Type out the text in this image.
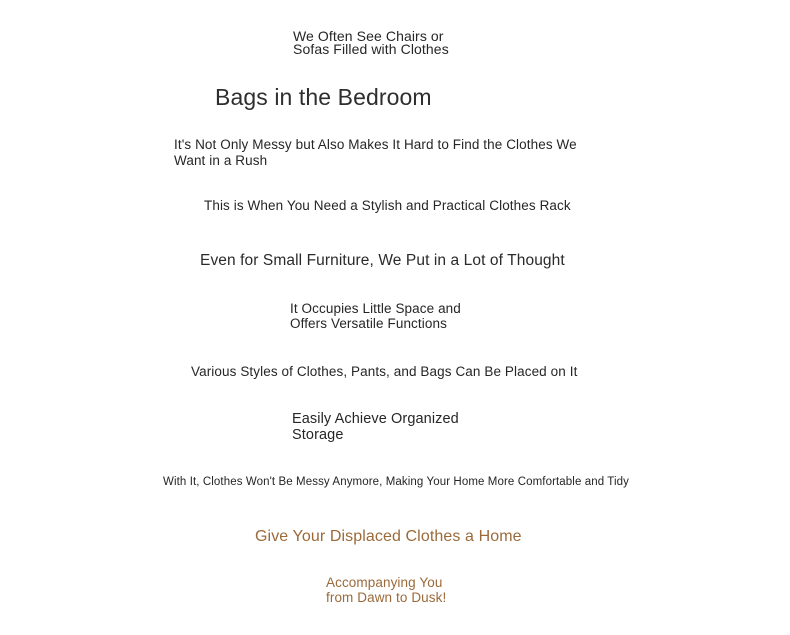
We Often See Chairs or
Sofas Filled with Clothes
Bags in the Bedroom
It's Not Only Messy but Also Makes It Hard to Find the Clothes We
Want in a Rush
This is When You Need a Stylish and Practical Clothes Rack
Even for Small Furniture, We Put in a Lot of Thought
It Occupies Little Space and
Offers Versatile Functions
Various Styles of Clothes, Pants, and Bags Can Be Placed on It
Easily Achieve Organized
Storage
With It, Clothes Won't Be Messy Anymore, Making Your Home More Comfortable and Tidy
Give Your Displaced Clothes a Home
Accompanying You
from Dawn to Dusk!
